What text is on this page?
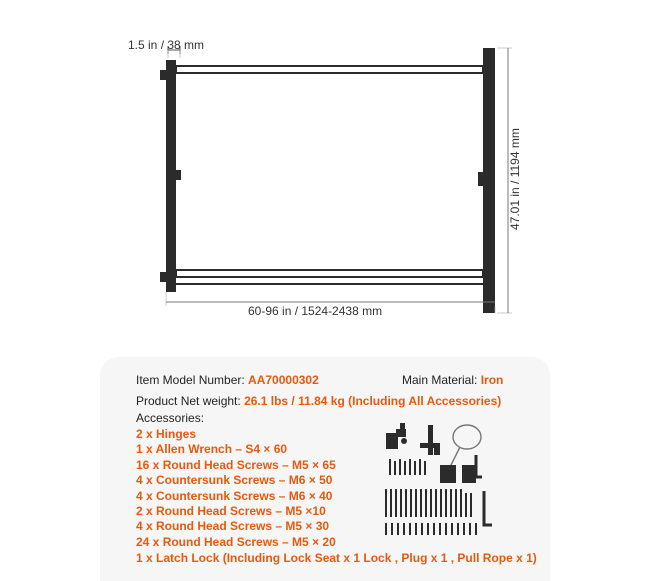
1.5 in / 38 mm
47.01 in / 1194 mm
60-96 in / 1524-2438 mm
Item Model Number: AA70000302	Main Material: Iron
Product Net weight: 26.1 lbs / 11.84 kg (Including All Accessories)
Accessories:
2 x Hinges
1 x Allen Wrench – S4 × 60
16 x Round Head Screws – M5 × 65
4 x Countersunk Screws – M6 × 50
4 x Countersunk Screws – M6 × 40
2 x Round Head Screws – M5 ×10
4 x Round Head Screws – M5 × 30
24 x Round Head Screws – M5 × 20
1 x Latch Lock (Including Lock Seat x 1 Lock , Plug x 1 , Pull Rope x 1)
